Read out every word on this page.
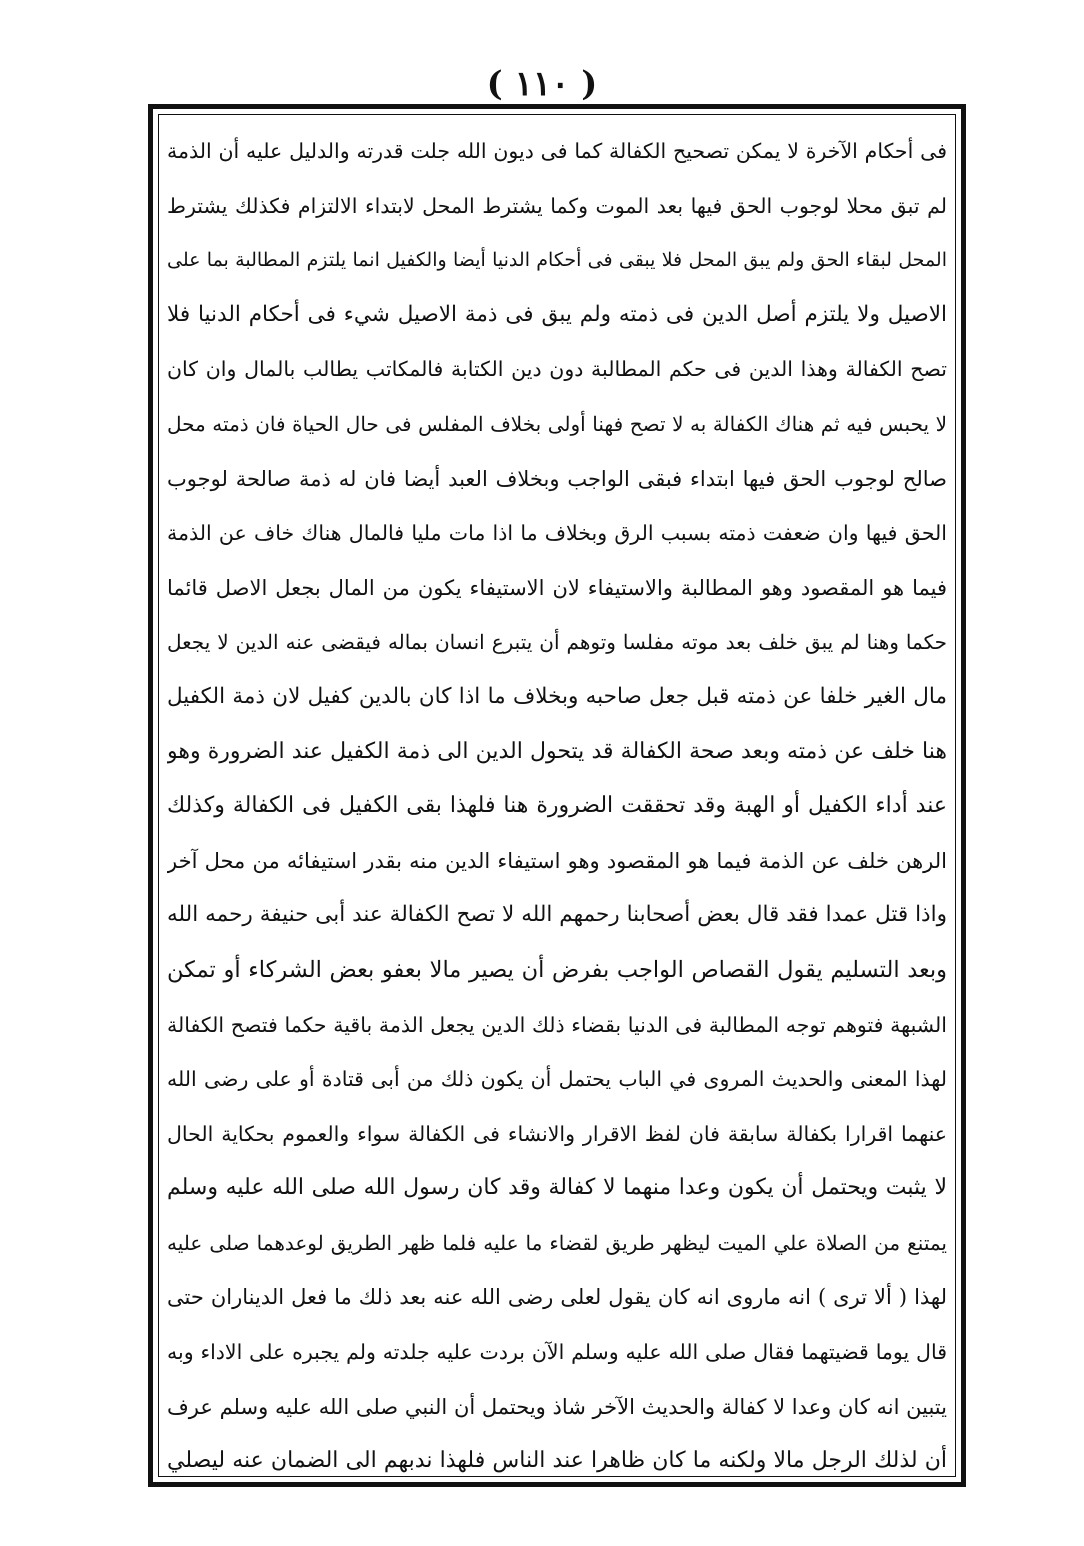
( ١١٠ )
فى أحكام الآخرة لا يمكن تصحيح الكفالة كما فى ديون الله جلت قدرته والدليل عليه أن الذمة
لم تبق محلا لوجوب الحق فيها بعد الموت وكما يشترط المحل لابتداء الالتزام فكذلك يشترط
المحل لبقاء الحق ولم يبق المحل فلا يبقى فى أحكام الدنيا أيضا والكفيل انما يلتزم المطالبة بما على
الاصيل ولا يلتزم أصل الدين فى ذمته ولم يبق فى ذمة الاصيل شيء فى أحكام الدنيا فلا
تصح الكفالة وهذا الدين فى حكم المطالبة دون دين الكتابة فالمكاتب يطالب بالمال وان كان
لا يحبس فيه ثم هناك الكفالة به لا تصح فهنا أولى بخلاف المفلس فى حال الحياة فان ذمته محل
صالح لوجوب الحق فيها ابتداء فبقى الواجب وبخلاف العبد أيضا فان له ذمة صالحة لوجوب
الحق فيها وان ضعفت ذمته بسبب الرق وبخلاف ما اذا مات مليا فالمال هناك خاف عن الذمة
فيما هو المقصود وهو المطالبة والاستيفاء لان الاستيفاء يكون من المال بجعل الاصل قائما
حكما وهنا لم يبق خلف بعد موته مفلسا وتوهم أن يتبرع انسان بماله فيقضى عنه الدين لا يجعل
مال الغير خلفا عن ذمته قبل جعل صاحبه وبخلاف ما اذا كان بالدين كفيل لان ذمة الكفيل
هنا خلف عن ذمته وبعد صحة الكفالة قد يتحول الدين الى ذمة الكفيل عند الضرورة وهو
عند أداء الكفيل أو الهبة وقد تحققت الضرورة هنا فلهذا بقى الكفيل فى الكفالة وكذلك
الرهن خلف عن الذمة فيما هو المقصود وهو استيفاء الدين منه بقدر استيفائه من محل آخر
واذا قتل عمدا فقد قال بعض أصحابنا رحمهم الله لا تصح الكفالة عند أبى حنيفة رحمه الله
وبعد التسليم يقول القصاص الواجب بفرض أن يصير مالا بعفو بعض الشركاء أو تمكن
الشبهة فتوهم توجه المطالبة فى الدنيا بقضاء ذلك الدين يجعل الذمة باقية حكما فتصح الكفالة
لهذا المعنى والحديث المروى في الباب يحتمل أن يكون ذلك من أبى قتادة أو على رضى الله
عنهما اقرارا بكفالة سابقة فان لفظ الاقرار والانشاء فى الكفالة سواء والعموم بحكاية الحال
لا يثبت ويحتمل أن يكون وعدا منهما لا كفالة وقد كان رسول الله صلى الله عليه وسلم
يمتنع من الصلاة علي الميت ليظهر طريق لقضاء ما عليه فلما ظهر الطريق لوعدهما صلى عليه
لهذا ( ألا ترى ) انه ماروى انه كان يقول لعلى رضى الله عنه بعد ذلك ما فعل الديناران حتى
قال يوما قضيتهما فقال صلى الله عليه وسلم الآن بردت عليه جلدته ولم يجبره على الاداء وبه
يتبين انه كان وعدا لا كفالة والحديث الآخر شاذ ويحتمل أن النبي صلى الله عليه وسلم عرف
أن لذلك الرجل مالا ولكنه ما كان ظاهرا عند الناس فلهذا ندبهم الى الضمان عنه ليصلي
